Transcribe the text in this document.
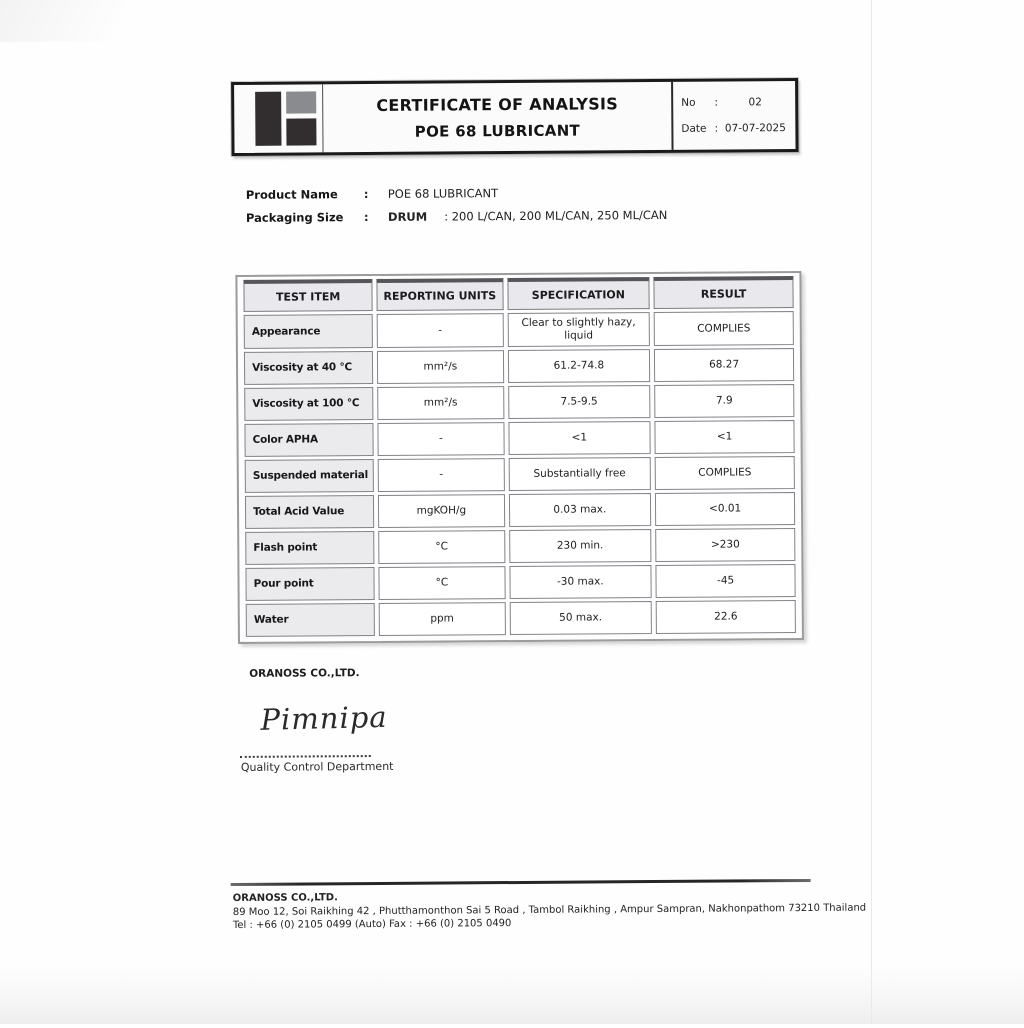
CERTIFICATE OF ANALYSIS
POE 68 LUBRICANT
No	:	02
Date : 07-07-2025
Product Name	:	POE 68 LUBRICANT
Packaging Size	:	DRUM : 200 L/CAN, 200 ML/CAN, 250 ML/CAN
TEST ITEM	REPORTING UNITS	SPECIFICATION	RESULT
Appearance	-	Clear to slightly hazy, liquid	COMPLIES
Viscosity at 40 °C	mm²/s	61.2-74.8	68.27
Viscosity at 100 °C	mm²/s	7.5-9.5	7.9
Color APHA	-	<1	<1
Suspended material	-	Substantially free	COMPLIES
Total Acid Value	mgKOH/g	0.03 max.	<0.01
Flash point	°C	230 min.	>230
Pour point	°C	-30 max.	-45
Water	ppm	50 max.	22.6
ORANOSS CO.,LTD.
Pimnipa
Quality Control Department
ORANOSS CO.,LTD.
89 Moo 12, Soi Raikhing 42 , Phutthamonthon Sai 5 Road , Tambol Raikhing , Ampur Sampran, Nakhonpathom 73210 Thailand
Tel : +66 (0) 2105 0499 (Auto) Fax : +66 (0) 2105 0490
